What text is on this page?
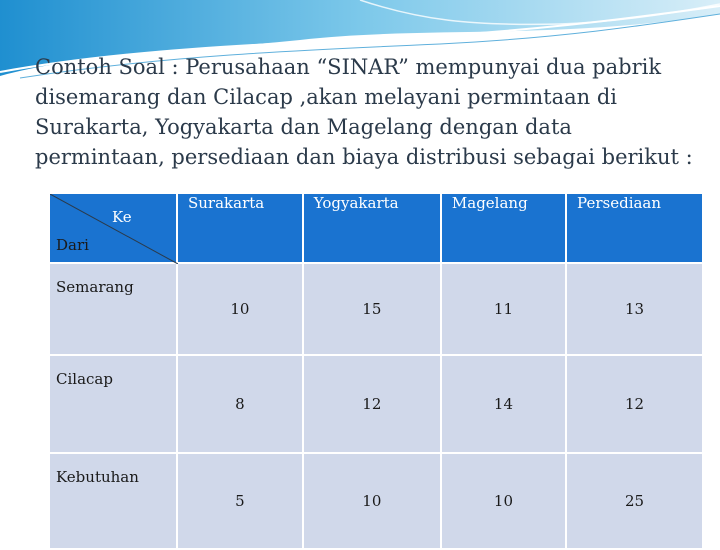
Contoh Soal : Perusahaan “SINAR” mempunyai dua pabrik disemarang dan Cilacap ,akan melayani permintaan di Surakarta, Yogyakarta dan Magelang dengan data permintaan, persediaan dan biaya distribusi sebagai berikut :
Ke	Surakarta	Yogyakarta	Magelang	Persediaan
Semarang	10	15	11	13
Cilacap	8	12	14	12
Kebutuhan	5	10	10	25
Dari
